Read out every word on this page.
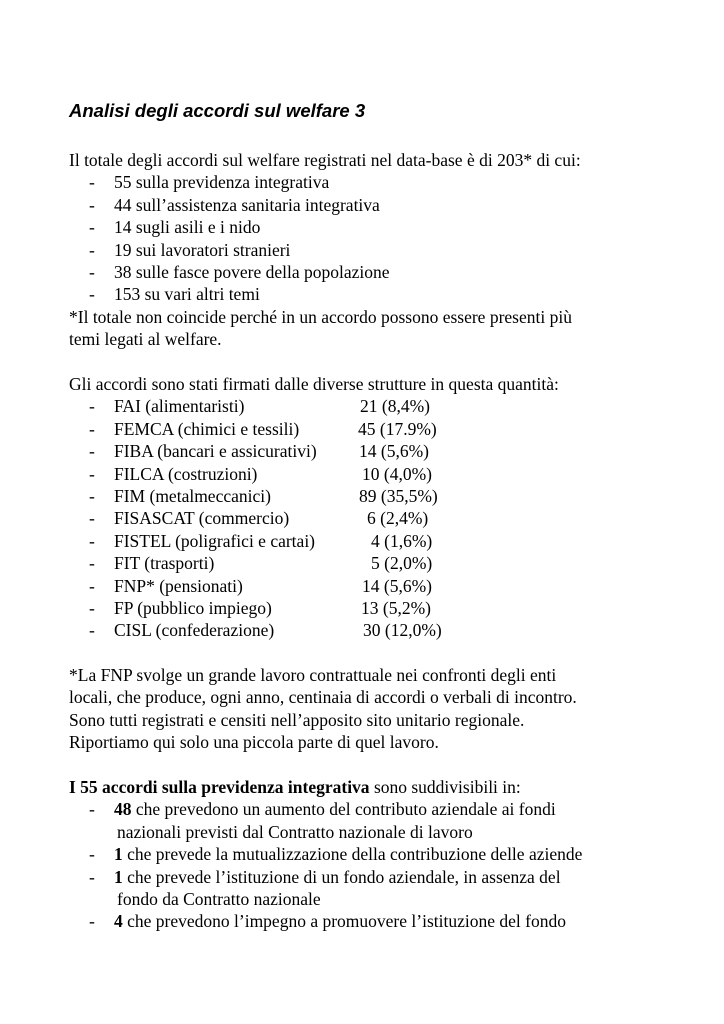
Analisi degli accordi sul welfare 3

Il totale degli accordi sul welfare registrati nel data-base è di 203* di cui:

- 55 sulla previdenza integrativa
- 44 sull’assistenza sanitaria integrativa
- 14 sugli asili e i nido
- 19 sui lavoratori stranieri
- 38 sulle fasce povere della popolazione
- 153 su vari altri temi

*Il totale non coincide perché in un accordo possono essere presenti più

temi legati al welfare.

Gli accordi sono stati firmati dalle diverse strutture in questa quantità:

- FAI (alimentaristi)	21 (8,4%)
- FEMCA (chimici e tessili)	45 (17.9%)
- FIBA (bancari e assicurativi) 14 (5,6%)
- FILCA (costruzioni)	10 (4,0%)
- FIM (metalmeccanici)	89 (35,5%)
- FISASCAT (commercio)	6 (2,4%)
- FISTEL (poligrafici e cartai)	4 (1,6%)
- FIT (trasporti)	5 (2,0%)
- FNP* (pensionati)	14 (5,6%)
- FP (pubblico impiego)	13 (5,2%)
- CISL (confederazione)	30 (12,0%)

*La FNP svolge un grande lavoro contrattuale nei confronti degli enti

locali, che produce, ogni anno, centinaia di accordi o verbali di incontro.

Sono tutti registrati e censiti nell’apposito sito unitario regionale.

Riportiamo qui solo una piccola parte di quel lavoro.

I 55 accordi sulla previdenza integrativa sono suddivisibili in:

- 48 che prevedono un aumento del contributo aziendale ai fondi

nazionali previsti dal Contratto nazionale di lavoro

- 1 che prevede la mutualizzazione della contribuzione delle aziende
- 1 che prevede l’istituzione di un fondo aziendale, in assenza del

fondo da Contratto nazionale

- 4 che prevedono l’impegno a promuovere l’istituzione del fondo
